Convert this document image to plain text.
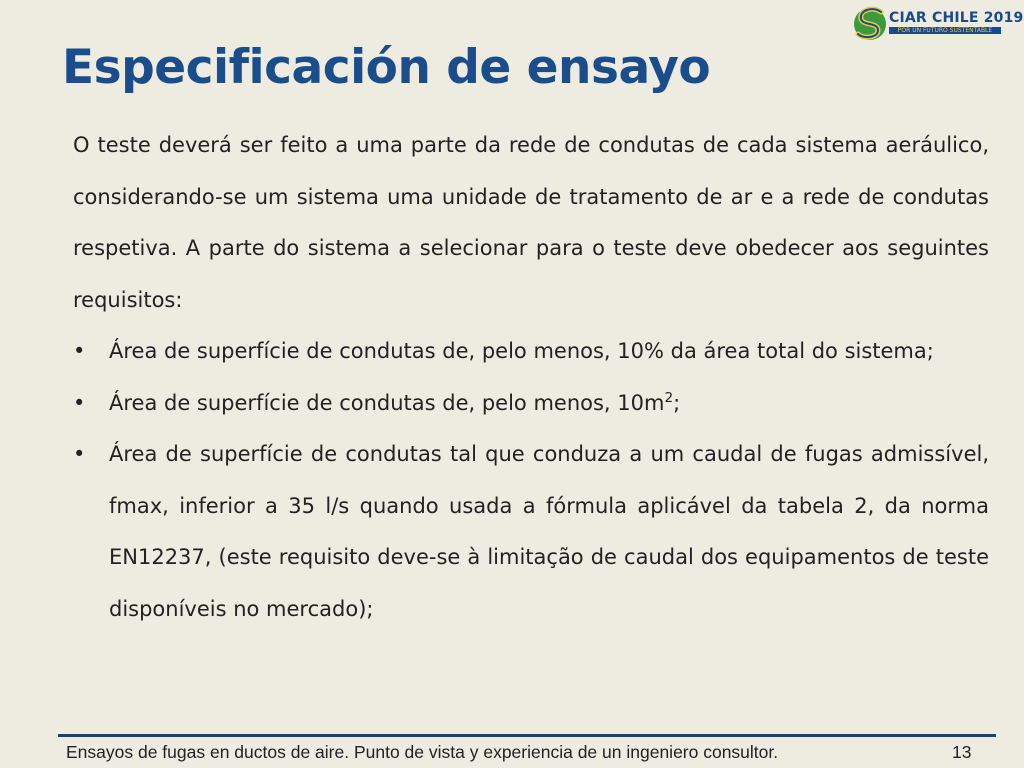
CIAR CHILE 2019
POR UN FUTURO SUSTENTABLE
Especificación de ensayo

O teste deverá ser feito a uma parte da rede de condutas de cada sistema aeráulico, considerando-se um sistema uma unidade de tratamento de ar e a rede de condutas respetiva. A parte do sistema a selecionar para o teste deve obedecer aos seguintes requisitos:

• Área de superfície de condutas de, pelo menos, 10% da área total do sistema;
• Área de superfície de condutas de, pelo menos, $10m^2$;
• Área de superfície de condutas tal que conduza a um caudal de fugas admissível, fmax, inferior a 35 l/s quando usada a fórmula aplicável da tabela 2, da norma EN12237, (este requisito deve-se à limitação de caudal dos equipamentos de teste disponíveis no mercado);
Ensayos de fugas en ductos de aire. Punto de vista y experiencia de un ingeniero consultor.	13
